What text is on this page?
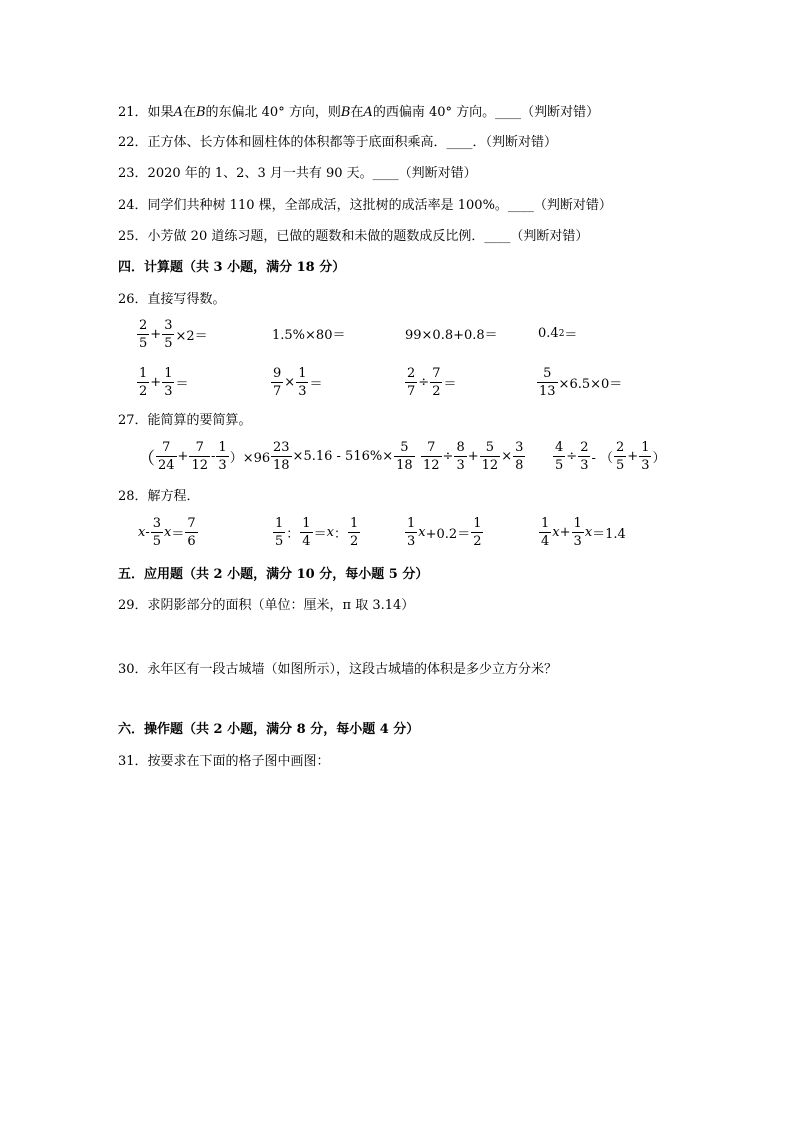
21．如果A在B的东偏北 40° 方向，则B在A的西偏南 40° 方向。____（判断对错）
22．正方体、长方体和圆柱体的体积都等于底面积乘高．____．（判断对错）
23．2020 年的 1、2、3 月一共有 90 天。____（判断对错）
24．同学们共种树 110 棵，全部成活，这批树的成活率是 100%。____（判断对错）
25．小芳做 20 道练习题，已做的题数和未做的题数成反比例．____（判断对错）
四．计算题（共 3 小题，满分 18 分）
26．直接写得数。
$\frac{2}{5} + \frac{3}{5} \times 2=$	1.5%×80＝	99×0.8+0.8＝	0.4 2 ＝
$\frac{1}{2} + \frac{1}{3}$ ＝	$\frac{9}{7} \times \frac{1}{3}$ ＝	$\frac{2}{7} \div \frac{7}{2}$ ＝	$\frac{5}{13} \times 6.5\times 0=$
27．能简算的要简算。
（ $\frac{7}{24} + \frac{7}{12} - \frac{1}{3} )\times 96 \frac{23}{18} \times 5.16 - 516\%\times \frac{5}{18} \frac{7}{12} \div \frac{8}{3} + \frac{5}{12} \times \frac{3}{8} \frac{4}{5} \div \frac{2}{3}$ - （ $\frac{2}{5} + \frac{1}{3}$ ）
28．解方程．
x - $\frac{3}{5}$ $x = \frac{7}{6}$	$\frac{1}{5}$ ： $\frac{1}{4} = x$ ： $\frac{1}{2}$	$\frac{1}{3}$ $x +0.2= \frac{1}{2}$	$\frac{1}{4}$ $x + \frac{1}{3}$ x ＝1.4
五．应用题（共 2 小题，满分 10 分，每小题 5 分）
29．求阴影部分的面积（单位：厘米，π 取 3.14）
30．永年区有一段古城墙（如图所示），这段古城墙的体积是多少立方分米？
六．操作题（共 2 小题，满分 8 分，每小题 4 分）
31．按要求在下面的格子图中画图：
